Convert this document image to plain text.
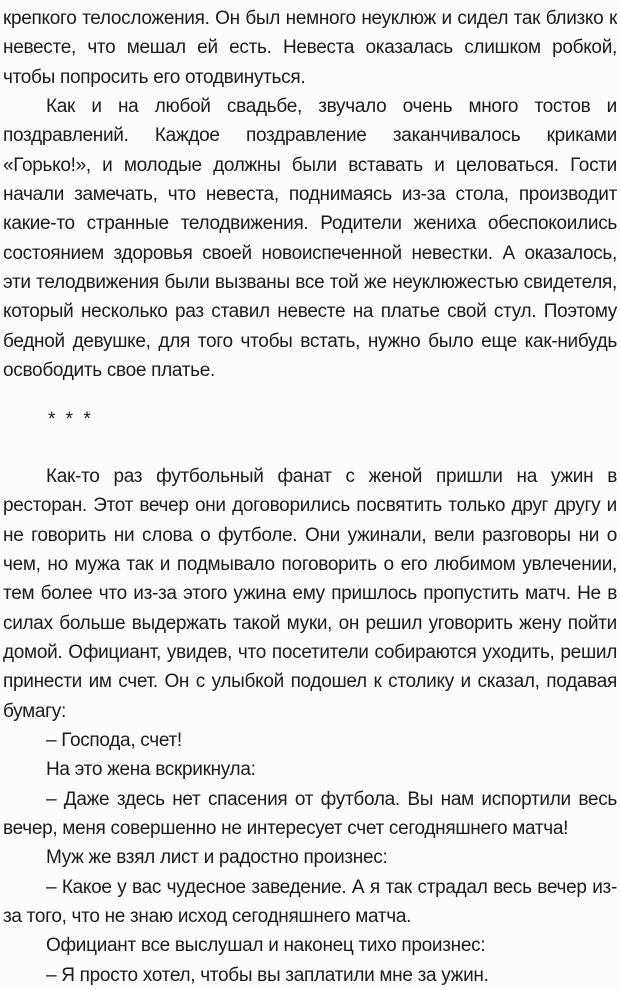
крепкого телосложения. Он был немного неуклюж и сидел так близко к невесте, что мешал ей есть. Невеста оказалась слишком робкой, чтобы попросить его отодвинуться.

Как и на любой свадьбе, звучало очень много тостов и поздравлений. Каждое поздравление заканчивалось криками «Горько!», и молодые должны были вставать и целоваться. Гости начали замечать, что невеста, поднимаясь из-за стола, производит какие-то странные телодвижения. Родители жениха обеспокоились состоянием здоровья своей новоиспеченной невестки. А оказалось, эти телодвижения были вызваны все той же неуклюжестью свидетеля, который несколько раз ставил невесте на платье свой стул. Поэтому бедной девушке, для того чтобы встать, нужно было еще как-нибудь освободить свое платье.

* * *

Как-то раз футбольный фанат с женой пришли на ужин в ресторан. Этот вечер они договорились посвятить только друг другу и не говорить ни слова о футболе. Они ужинали, вели разговоры ни о чем, но мужа так и подмывало поговорить о его любимом увлечении, тем более что из-за этого ужина ему пришлось пропустить матч. Не в силах больше выдержать такой муки, он решил уговорить жену пойти домой. Официант, увидев, что посетители собираются уходить, решил принести им счет. Он с улыбкой подошел к столику и сказал, подавая бумагу:

– Господа, счет!

На это жена вскрикнула:

– Даже здесь нет спасения от футбола. Вы нам испортили весь вечер, меня совершенно не интересует счет сегодняшнего матча!

Муж же взял лист и радостно произнес:

– Какое у вас чудесное заведение. А я так страдал весь вечер из-за того, что не знаю исход сегодняшнего матча.

Официант все выслушал и наконец тихо произнес:

– Я просто хотел, чтобы вы заплатили мне за ужин.
